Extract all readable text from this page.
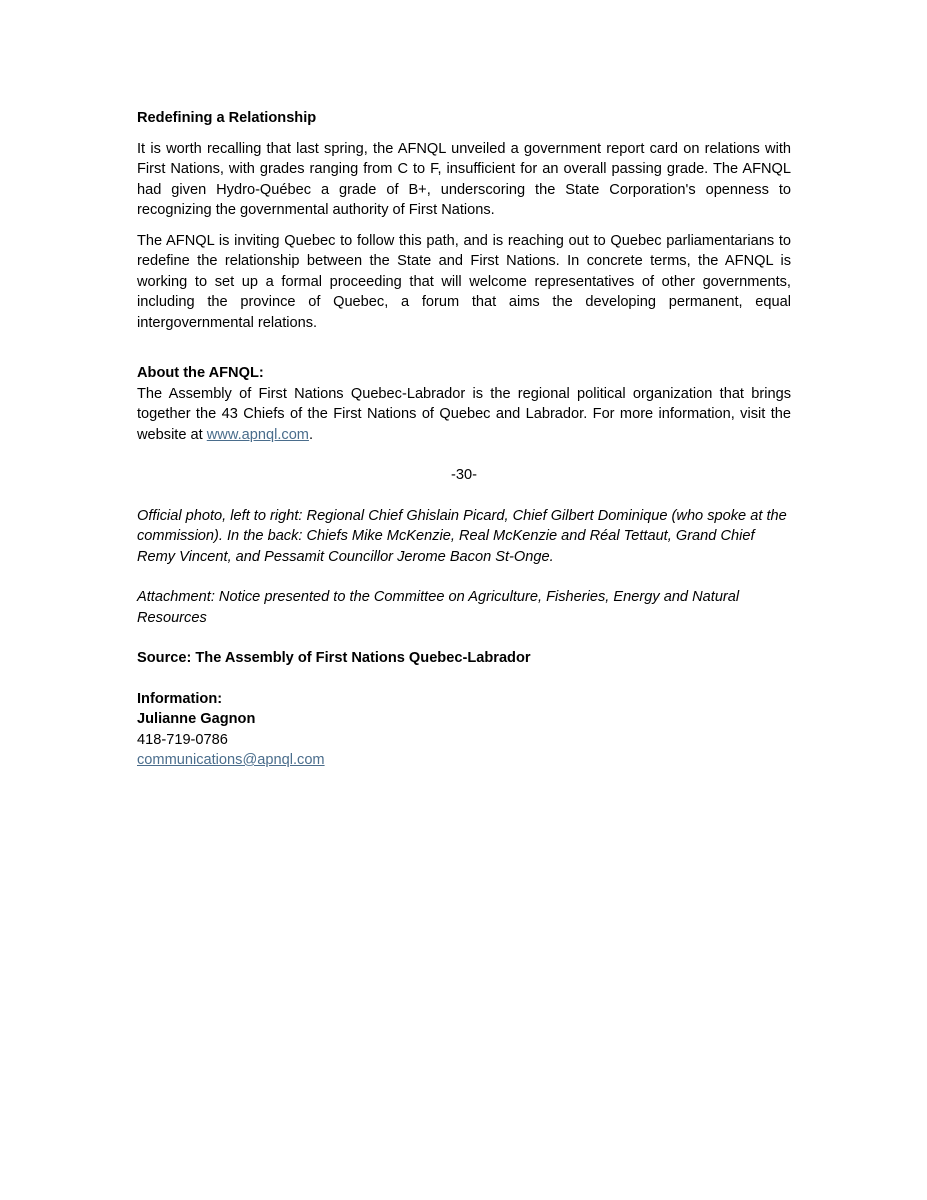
Redefining a Relationship

It is worth recalling that last spring, the AFNQL unveiled a government report card on relations with First Nations, with grades ranging from C to F, insufficient for an overall passing grade. The AFNQL had given Hydro-Québec a grade of B+, underscoring the State Corporation's openness to recognizing the governmental authority of First Nations.

The AFNQL is inviting Quebec to follow this path, and is reaching out to Quebec parliamentarians to redefine the relationship between the State and First Nations. In concrete terms, the AFNQL is working to set up a formal proceeding that will welcome representatives of other governments, including the province of Quebec, a forum that aims the developing permanent, equal intergovernmental relations.

About the AFNQL:

The Assembly of First Nations Quebec-Labrador is the regional political organization that brings together the 43 Chiefs of the First Nations of Quebec and Labrador. For more information, visit the website at www.apnql.com.

-30-

Official photo, left to right: Regional Chief Ghislain Picard, Chief Gilbert Dominique (who spoke at the commission). In the back: Chiefs Mike McKenzie, Real McKenzie and Réal Tettaut, Grand Chief Remy Vincent, and Pessamit Councillor Jerome Bacon St-Onge.

Attachment: Notice presented to the Committee on Agriculture, Fisheries, Energy and Natural Resources

Source: The Assembly of First Nations Quebec-Labrador

Information:

Julianne Gagnon

418-719-0786

communications@apnql.com
